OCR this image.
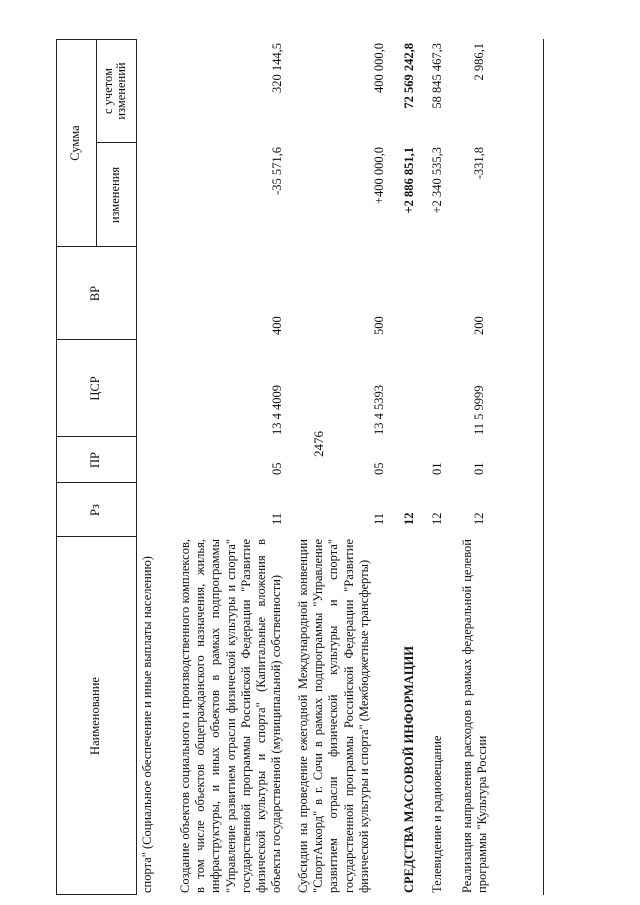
2476
Наименование
Рз
ПР
ЦСР
ВР
Сумма
изменения
с учетом изменений
спорта" (Социальное обеспечение и иные выплаты населению) Создание объектов социального и производственного комплексов, в том числе объектов общегражданского назначения, жилья, инфраструктуры, и иных объектов в рамках подпрограммы "Управление развитием отрасли физической культуры и спорта" государственной программы Российской Федерации "Развитие физической культуры и спорта" (Капитальные вложения в объекты государственной (муниципальной) собственности)
11
05
13 4 4009
400
-35 571,6
320 144,5
Субсидии на проведение ежегодной Международной конвенции "СпортАккорд" в г. Сочи в рамках подпрограммы "Управление развитием отрасли физической культуры и спорта" государственной программы Российской Федерации "Развитие физической культуры и спорта" (Межбюджетные трансферты)
11
05
13 4 5393
500
+400 000,0
400 000,0
СРЕДСТВА МАССОВОЙ ИНФОРМАЦИИ
12
+2 886 851,1
72 569 242,8
Телевидение и радиовещание
12
01
+2 340 535,3
58 845 467,3
Реализация направления расходов в рамках федеральной целевой программы "Культура России
12
01
11 5 9999
200
-331,8
2 986,1
